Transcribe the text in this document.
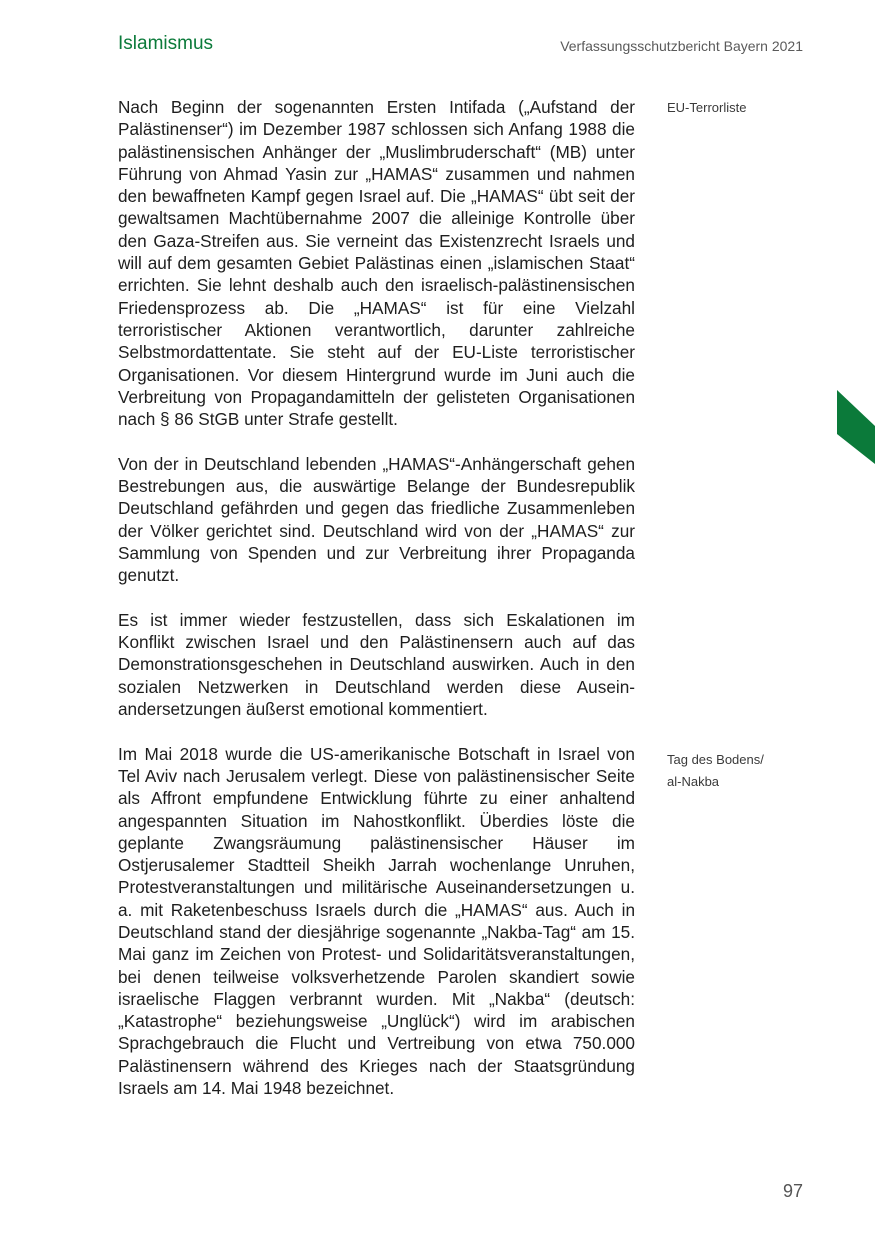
Islamismus	Verfassungsschutzbericht Bayern 2021

Nach Beginn der sogenannten Ersten Intifada („Aufstand der Palästinenser“) im Dezember 1987 schlossen sich Anfang 1988 die palästinensischen Anhänger der „Muslimbruderschaft“ (MB) unter Führung von Ahmad Yasin zur „HAMAS“ zusammen und nahmen den bewaffneten Kampf gegen Israel auf. Die „HAMAS“ übt seit der gewaltsamen Machtübernahme 2007 die alleinige Kontrolle über den Gaza-Streifen aus. Sie verneint das Existenzrecht Israels und will auf dem gesamten Gebiet Palästinas einen „islamischen Staat“ errichten. Sie lehnt deshalb auch den israelisch-palästinensischen Friedensprozess ab. Die „HAMAS“ ist für eine Vielzahl terroristischer Aktionen verantwortlich, darunter zahlreiche Selbstmordattentate. Sie steht auf der EU-Liste terroristischer Organisationen. Vor diesem Hintergrund wurde im Juni auch die Verbreitung von Propagandamitteln der gelisteten Organisationen nach § 86 StGB unter Strafe gestellt.

Von der in Deutschland lebenden „HAMAS“-Anhängerschaft gehen Bestrebungen aus, die auswärtige Belange der Bundesrepublik Deutschland gefährden und gegen das friedliche Zusammenleben der Völker gerichtet sind. Deutschland wird von der „HAMAS“ zur Sammlung von Spenden und zur Verbreitung ihrer Propaganda genutzt.

Es ist immer wieder festzustellen, dass sich Eskalationen im Konflikt zwischen Israel und den Palästinensern auch auf das Demonstrationsgeschehen in Deutschland auswirken. Auch in den sozialen Netzwerken in Deutschland werden diese Auseinandersetzungen äußerst emotional kommentiert.

Im Mai 2018 wurde die US-amerikanische Botschaft in Israel von Tel Aviv nach Jerusalem verlegt. Diese von palästinensischer Seite als Affront empfundene Entwicklung führte zu einer anhaltend angespannten Situation im Nahostkonflikt. Überdies löste die geplante Zwangsräumung palästinensischer Häuser im Ostjerusalemer Stadtteil Sheikh Jarrah wochenlange Unruhen, Protestveranstaltungen und militärische Auseinandersetzungen u. a. mit Raketenbeschuss Israels durch die „HAMAS“ aus. Auch in Deutschland stand der diesjährige sogenannte „Nakba-Tag“ am 15. Mai ganz im Zeichen von Protest- und Solidaritätsveranstaltungen, bei denen teilweise volksverhetzende Parolen skandiert sowie israelische Flaggen verbrannt wurden. Mit „Nakba“ (deutsch: „Katastrophe“ beziehungsweise „Unglück“) wird im arabischen Sprachgebrauch die Flucht und Vertreibung von etwa 750.000 Palästinensern während des Krieges nach der Staatsgründung Israels am 14. Mai 1948 bezeichnet.

EU-Terrorliste
Tag des Bodens/
al-Nakba
97
